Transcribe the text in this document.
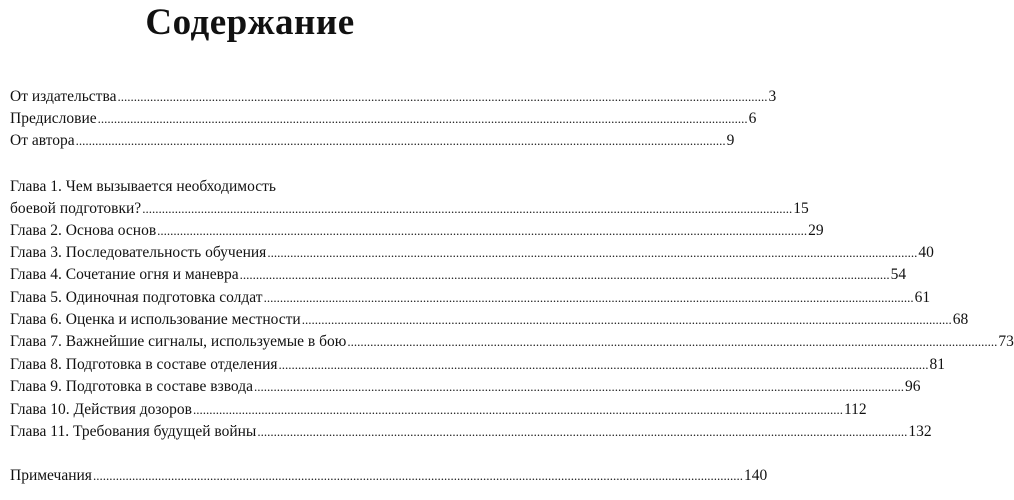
Содержание
От издательства ........................................................................................................................................................................................................ 3
Предисловие ........................................................................................................................................................................................................ 6
От автора ........................................................................................................................................................................................................ 9
Глава 1. Чем вызывается необходимость
боевой подготовки? ........................................................................................................................................................................................................ 15
Глава 2. Основа основ ........................................................................................................................................................................................................ 29
Глава 3. Последовательность обучения ........................................................................................................................................................................................................ 40
Глава 4. Сочетание огня и маневра ........................................................................................................................................................................................................ 54
Глава 5. Одиночная подготовка солдат ........................................................................................................................................................................................................ 61
Глава 6. Оценка и использование местности ........................................................................................................................................................................................................ 68
Глава 7. Важнейшие сигналы, используемые в бою ........................................................................................................................................................................................................ 73
Глава 8. Подготовка в составе отделения ........................................................................................................................................................................................................ 81
Глава 9. Подготовка в составе взвода ........................................................................................................................................................................................................ 96
Глава 10. Действия дозоров ........................................................................................................................................................................................................ 112
Глава 11. Требования будущей войны ........................................................................................................................................................................................................ 132
Примечания ........................................................................................................................................................................................................ 140
